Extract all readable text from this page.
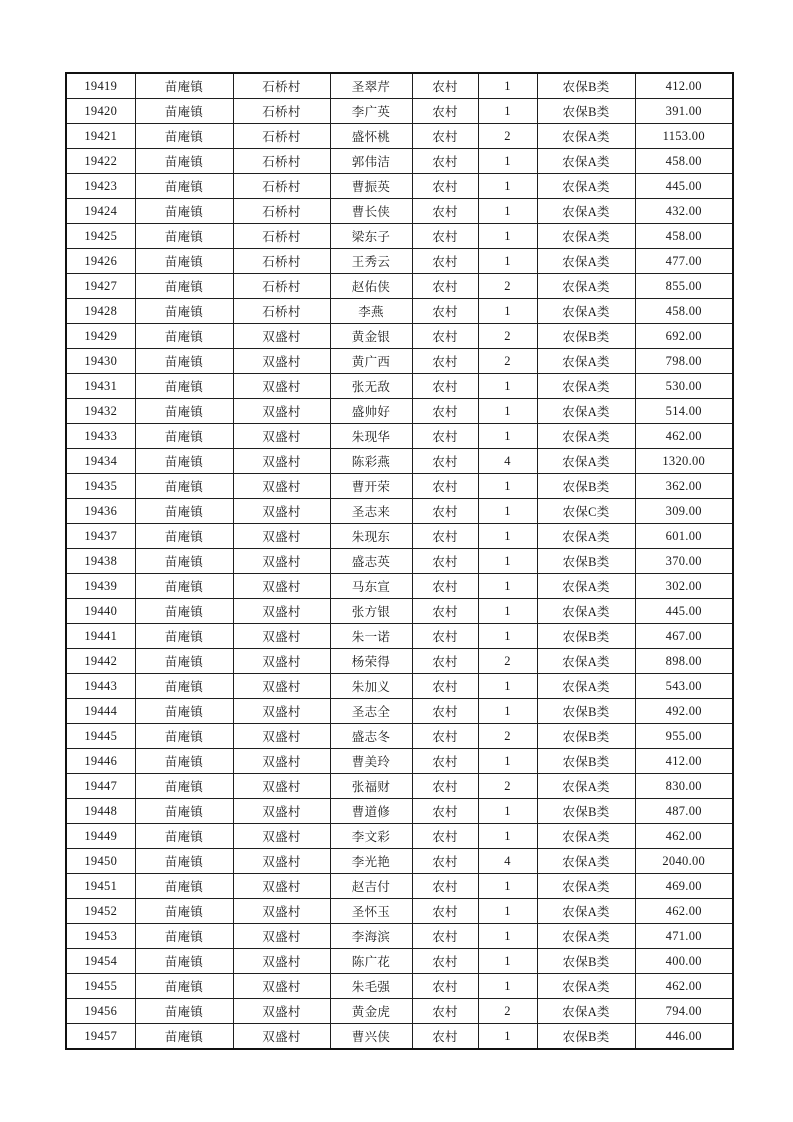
19419	苗庵镇	石桥村	圣翠芹	农村	1	农保B类	412.00
19420	苗庵镇	石桥村	李广英	农村	1	农保B类	391.00
19421	苗庵镇	石桥村	盛怀桃	农村	2	农保A类	1153.00
19422	苗庵镇	石桥村	郭伟洁	农村	1	农保A类	458.00
19423	苗庵镇	石桥村	曹振英	农村	1	农保A类	445.00
19424	苗庵镇	石桥村	曹长侠	农村	1	农保A类	432.00
19425	苗庵镇	石桥村	梁东子	农村	1	农保A类	458.00
19426	苗庵镇	石桥村	王秀云	农村	1	农保A类	477.00
19427	苗庵镇	石桥村	赵佑侠	农村	2	农保A类	855.00
19428	苗庵镇	石桥村	李燕	农村	1	农保A类	458.00
19429	苗庵镇	双盛村	黄金银	农村	2	农保B类	692.00
19430	苗庵镇	双盛村	黄广西	农村	2	农保A类	798.00
19431	苗庵镇	双盛村	张无敌	农村	1	农保A类	530.00
19432	苗庵镇	双盛村	盛帅好	农村	1	农保A类	514.00
19433	苗庵镇	双盛村	朱现华	农村	1	农保A类	462.00
19434	苗庵镇	双盛村	陈彩燕	农村	4	农保A类	1320.00
19435	苗庵镇	双盛村	曹开荣	农村	1	农保B类	362.00
19436	苗庵镇	双盛村	圣志来	农村	1	农保C类	309.00
19437	苗庵镇	双盛村	朱现东	农村	1	农保A类	601.00
19438	苗庵镇	双盛村	盛志英	农村	1	农保B类	370.00
19439	苗庵镇	双盛村	马东宣	农村	1	农保A类	302.00
19440	苗庵镇	双盛村	张方银	农村	1	农保A类	445.00
19441	苗庵镇	双盛村	朱一诺	农村	1	农保B类	467.00
19442	苗庵镇	双盛村	杨荣得	农村	2	农保A类	898.00
19443	苗庵镇	双盛村	朱加义	农村	1	农保A类	543.00
19444	苗庵镇	双盛村	圣志全	农村	1	农保B类	492.00
19445	苗庵镇	双盛村	盛志冬	农村	2	农保B类	955.00
19446	苗庵镇	双盛村	曹美玲	农村	1	农保B类	412.00
19447	苗庵镇	双盛村	张福财	农村	2	农保A类	830.00
19448	苗庵镇	双盛村	曹道修	农村	1	农保B类	487.00
19449	苗庵镇	双盛村	李文彩	农村	1	农保A类	462.00
19450	苗庵镇	双盛村	李光艳	农村	4	农保A类	2040.00
19451	苗庵镇	双盛村	赵吉付	农村	1	农保A类	469.00
19452	苗庵镇	双盛村	圣怀玉	农村	1	农保A类	462.00
19453	苗庵镇	双盛村	李海滨	农村	1	农保A类	471.00
19454	苗庵镇	双盛村	陈广花	农村	1	农保B类	400.00
19455	苗庵镇	双盛村	朱毛强	农村	1	农保A类	462.00
19456	苗庵镇	双盛村	黄金虎	农村	2	农保A类	794.00
19457	苗庵镇	双盛村	曹兴侠	农村	1	农保B类	446.00
